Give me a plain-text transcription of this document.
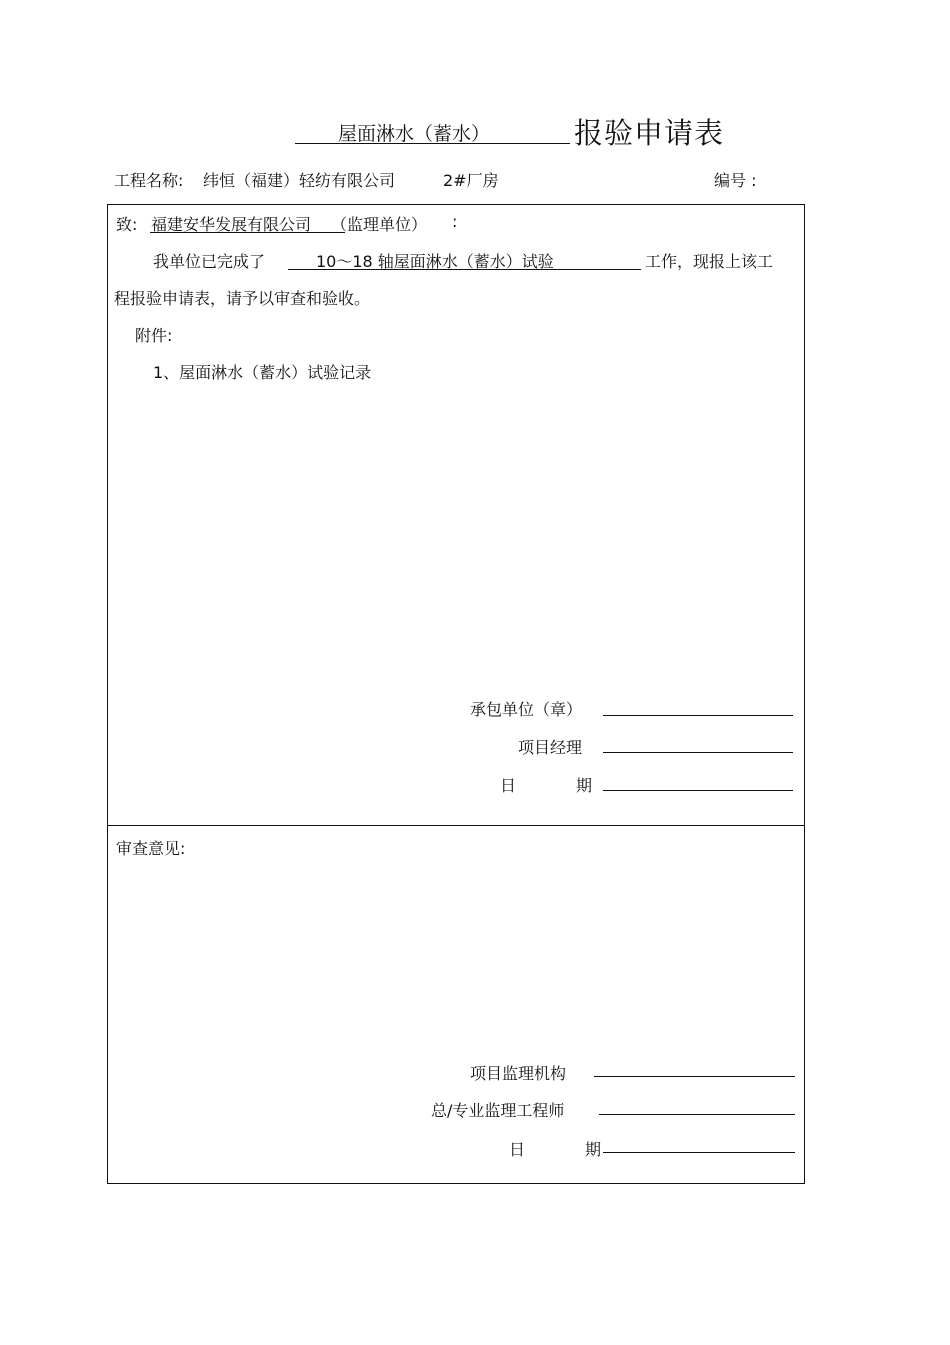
屋面淋水（蓄水）	报验申请表
工程名称: 纬恒（福建）轻纺有限公司	2#厂房	编号 :
致: 福建安华发展有限公司 （监理单位） :
我单位已完成了	10～18 轴屋面淋水（蓄水）试验	工作，现报上该工
程报验申请表，请予以审查和验收。
附件:
1、屋面淋水（蓄水）试验记录
承包单位（章）
项目经理
日	期
审查意见:
项目监理机构
总/专业监理工程师
日	期
